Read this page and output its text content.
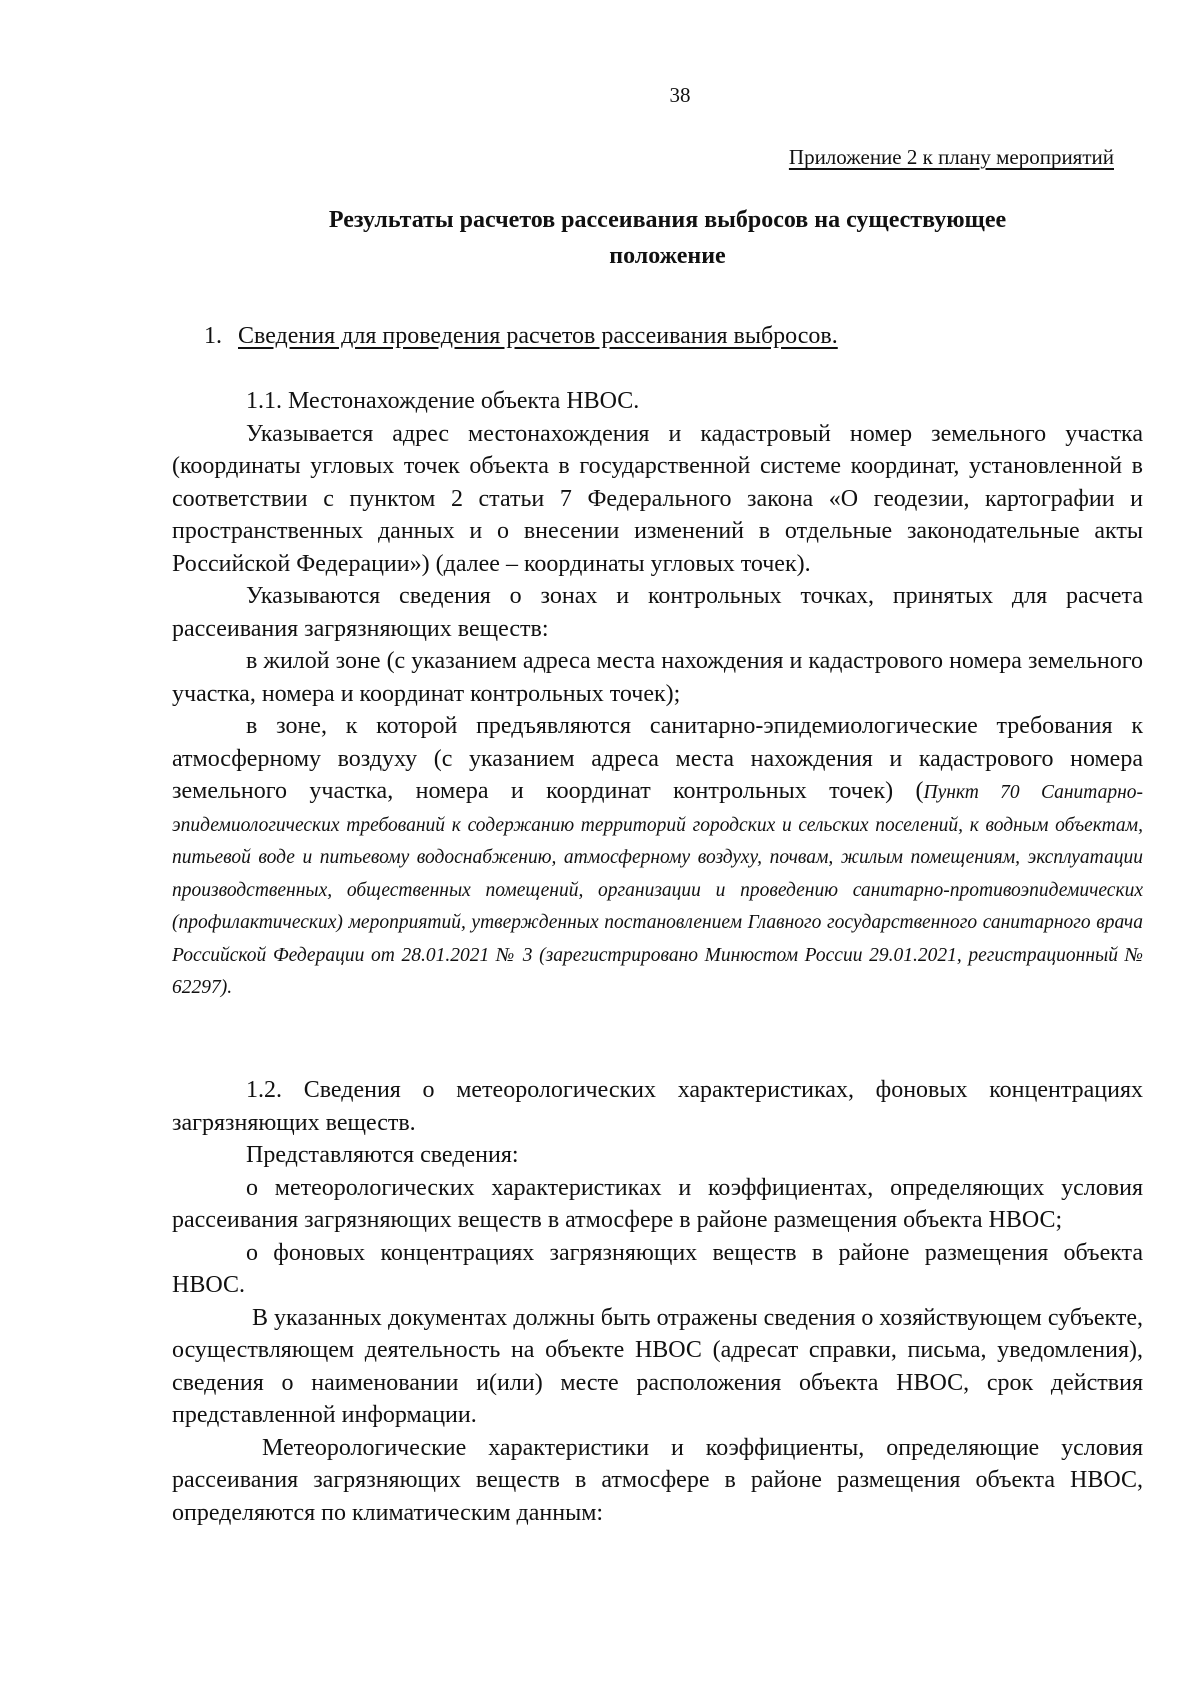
38
Приложение 2 к плану мероприятий
Результаты расчетов рассеивания выбросов на существующее
положение
1. Сведения для проведения расчетов рассеивания выбросов.

1.1. Местонахождение объекта НВОС.

Указывается адрес местонахождения и кадастровый номер земельного участка (координаты угловых точек объекта в государственной системе координат, установленной в соответствии с пунктом 2 статьи 7 Федерального закона «О геодезии, картографии и пространственных данных и о внесении изменений в отдельные законодательные акты Российской Федерации») (далее – координаты угловых точек).

Указываются сведения о зонах и контрольных точках, принятых для расчета рассеивания загрязняющих веществ:

в жилой зоне (с указанием адреса места нахождения и кадастрового номера земельного участка, номера и координат контрольных точек);

в зоне, к которой предъявляются санитарно-эпидемиологические требования к атмосферному воздуху (с указанием адреса места нахождения и кадастрового номера земельного участка, номера и координат контрольных точек) (Пункт 70 Санитарно-эпидемиологических требований к содержанию территорий городских и сельских поселений, к водным объектам, питьевой воде и питьевому водоснабжению, атмосферному воздуху, почвам, жилым помещениям, эксплуатации производственных, общественных помещений, организации и проведению санитарно-противоэпидемических (профилактических) мероприятий, утвержденных постановлением Главного государственного санитарного врача Российской Федерации от 28.01.2021 № 3 (зарегистрировано Минюстом России 29.01.2021, регистрационный № 62297).

1.2. Сведения о метеорологических характеристиках, фоновых концентрациях загрязняющих веществ.

Представляются сведения:

о метеорологических характеристиках и коэффициентах, определяющих условия рассеивания загрязняющих веществ в атмосфере в районе размещения объекта НВОС;

о фоновых концентрациях загрязняющих веществ в районе размещения объекта НВОС.

В указанных документах должны быть отражены сведения о хозяйствующем субъекте, осуществляющем деятельность на объекте НВОС (адресат справки, письма, уведомления), сведения о наименовании и(или) месте расположения объекта НВОС, срок действия представленной информации.

Метеорологические характеристики и коэффициенты, определяющие условия рассеивания загрязняющих веществ в атмосфере в районе размещения объекта НВОС, определяются по климатическим данным:
